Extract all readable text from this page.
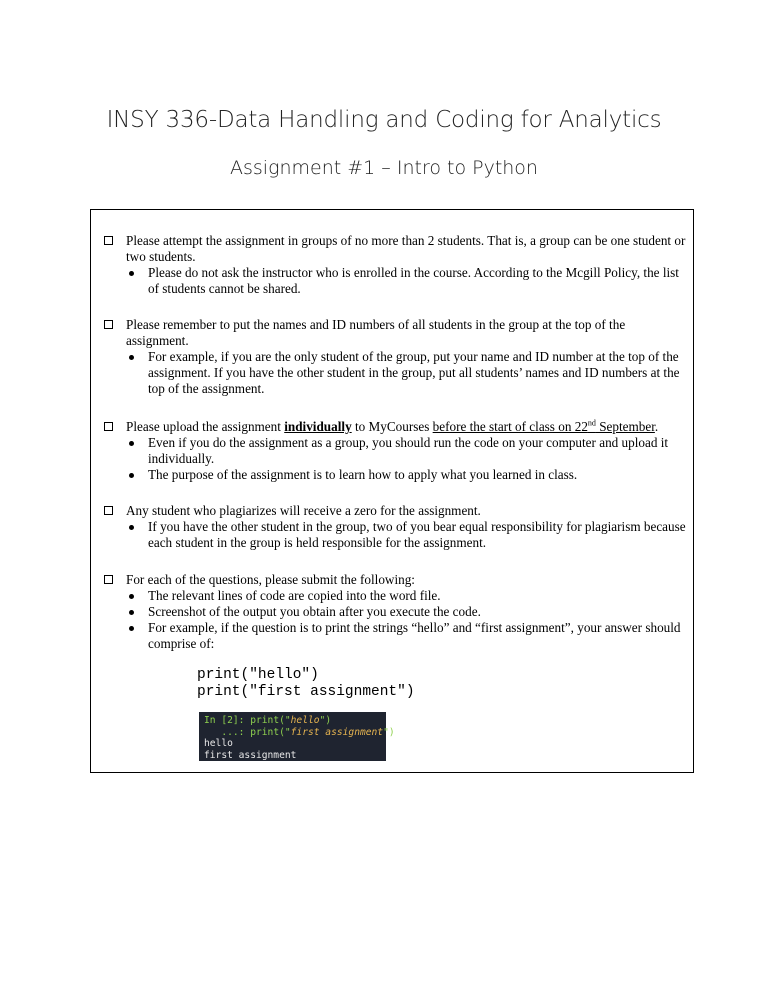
INSY 336-Data Handling and Coding for Analytics
Assignment #1 – Intro to Python
Please attempt the assignment in groups of no more than 2 students. That is, a group can be one student or two students.
Please do not ask the instructor who is enrolled in the course. According to the Mcgill Policy, the list of students cannot be shared.
Please remember to put the names and ID numbers of all students in the group at the top of the assignment.
For example, if you are the only student of the group, put your name and ID number at the top of the assignment. If you have the other student in the group, put all students’ names and ID numbers at the top of the assignment.
Please upload the assignment individually to MyCourses before the start of class on 22nd September.
Even if you do the assignment as a group, you should run the code on your computer and upload it individually.
The purpose of the assignment is to learn how to apply what you learned in class.
Any student who plagiarizes will receive a zero for the assignment.
If you have the other student in the group, two of you bear equal responsibility for plagiarism because each student in the group is held responsible for the assignment.
For each of the questions, please submit the following:
The relevant lines of code are copied into the word file.
Screenshot of the output you obtain after you execute the code.
For example, if the question is to print the strings “hello” and “first assignment”, your answer should comprise of:
print("hello")
print("first assignment")
In [2]: print("hello")
...: print("first assignment")
hello
first assignment
